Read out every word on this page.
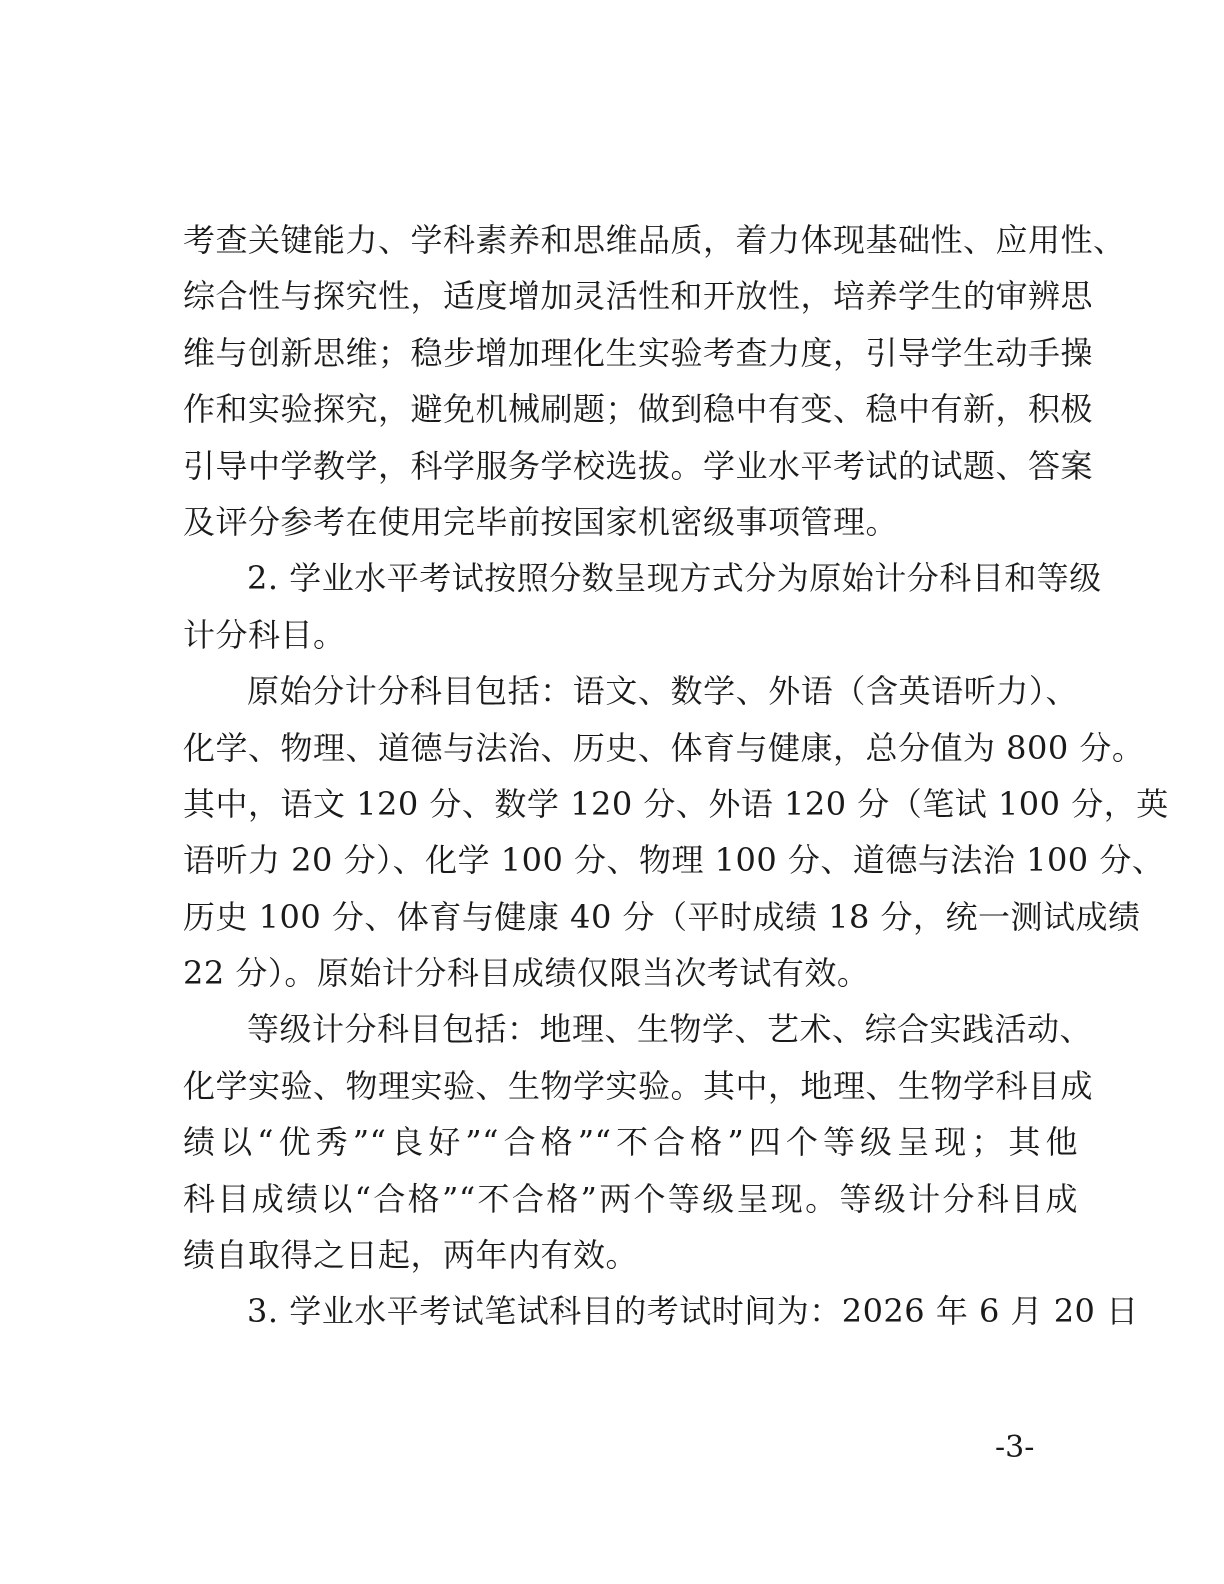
考查关键能力、学科素养和思维品质，着力体现基础性、应用性、
综合性与探究性，适度增加灵活性和开放性，培养学生的审辨思
维与创新思维；稳步增加理化生实验考查力度，引导学生动手操
作和实验探究，避免机械刷题；做到稳中有变、稳中有新，积极
引导中学教学，科学服务学校选拔。学业水平考试的试题、答案
及评分参考在使用完毕前按国家机密级事项管理。
2. 学业水平考试按照分数呈现方式分为原始计分科目和等级
计分科目。
原始分计分科目包括：语文、数学、外语（含英语听力）、
化学、物理、道德与法治、历史、体育与健康，总分值为 800 分。
其中，语文 120 分、数学 120 分、外语 120 分（笔试 100 分，英
语听力 20 分）、化学 100 分、物理 100 分、道德与法治 100 分、
历史 100 分、体育与健康 40 分（平时成绩 18 分，统一测试成绩
22 分）。原始计分科目成绩仅限当次考试有效。
等级计分科目包括：地理、生物学、艺术、综合实践活动、
化学实验、物理实验、生物学实验。其中，地理、生物学科目成
绩以“优秀”“良好”“合格”“不合格”四个等级呈现；其他
科目成绩以“合格”“不合格”两个等级呈现。等级计分科目成
绩自取得之日起，两年内有效。
3. 学业水平考试笔试科目的考试时间为：2026 年 6 月 20 日
-3-
